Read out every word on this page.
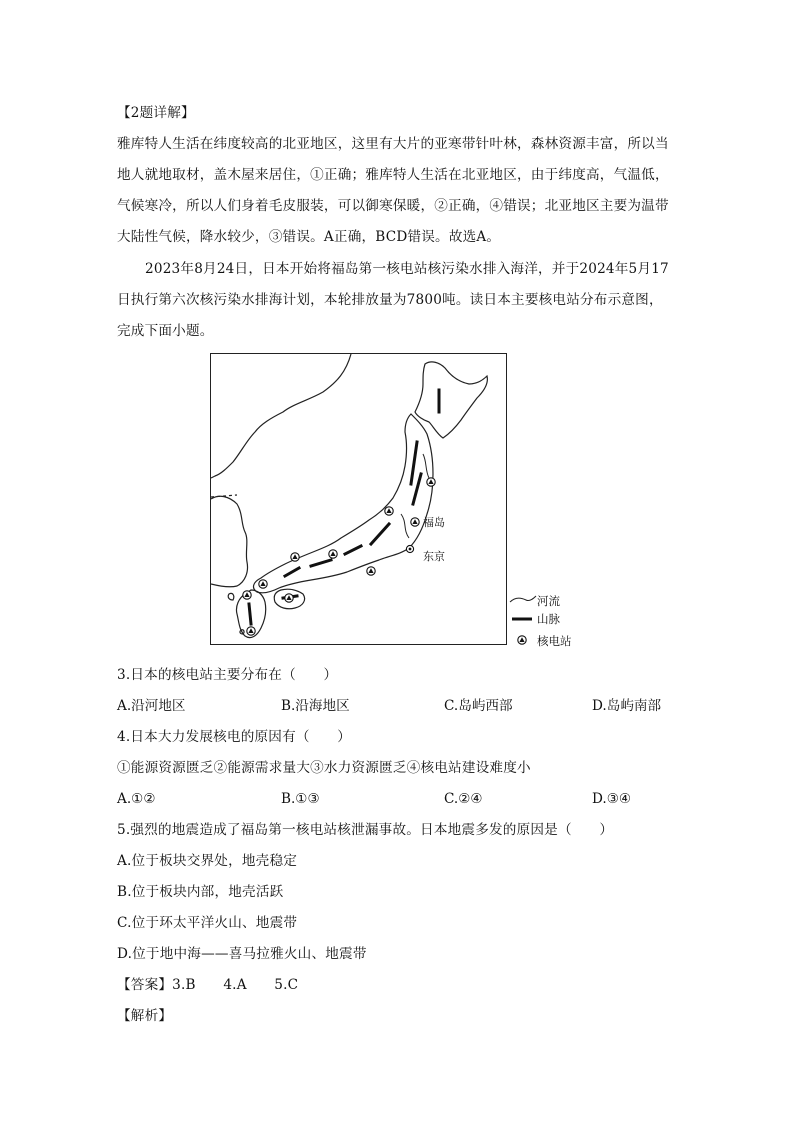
【2题详解】
雅库特人生活在纬度较高的北亚地区，这里有大片的亚寒带针叶林，森林资源丰富，所以当
地人就地取材，盖木屋来居住，①正确；雅库特人生活在北亚地区，由于纬度高，气温低，
气候寒冷，所以人们身着毛皮服装，可以御寒保暖，②正确，④错误；北亚地区主要为温带
大陆性气候，降水较少，③错误。A正确，BCD错误。故选A。
2023年8月24日，日本开始将福岛第一核电站核污染水排入海洋，并于2024年5月17
日执行第六次核污染水排海计划，本轮排放量为7800吨。读日本主要核电站分布示意图，
完成下面小题。
福岛
东京
河流
山脉
核电站
3.日本的核电站主要分布在（　　）
A.沿河地区	B.沿海地区	C.岛屿西部	D.岛屿南部
4.日本大力发展核电的原因有（　　）
①能源资源匮乏②能源需求量大③水力资源匮乏④核电站建设难度小
A.①②	B.①③	C.②④	D.③④
5.强烈的地震造成了福岛第一核电站核泄漏事故。日本地震多发的原因是（　　）
A.位于板块交界处，地壳稳定
B.位于板块内部，地壳活跃
C.位于环太平洋火山、地震带
D.位于地中海——喜马拉雅火山、地震带
【答案】3.B　　4.A　　5.C
【解析】
